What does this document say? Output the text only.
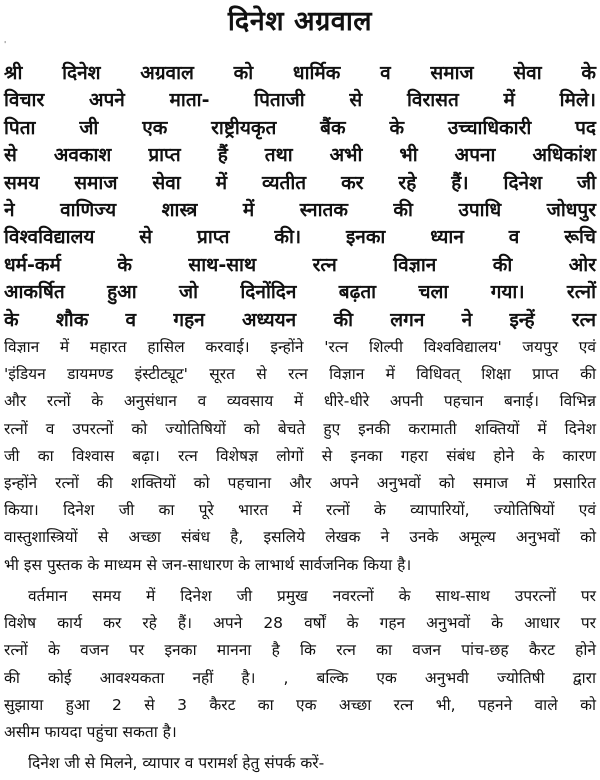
दिनेश अग्रवाल
'
श्री दिनेश अग्रवाल को धार्मिक व समाज सेवा के
विचार अपने माता- पिताजी से विरासत में मिले।
पिता जी एक राष्ट्रीयकृत बैंक के उच्चाधिकारी पद
से अवकाश प्राप्त हैं तथा अभी भी अपना अधिकांश
समय समाज सेवा में व्यतीत कर रहे हैं। दिनेश जी
ने वाणिज्य शास्त्र में स्नातक की उपाधि जोधपुर
विश्वविद्यालय से प्राप्त की। इनका ध्यान व रूचि
धर्म-कर्म के साथ-साथ रत्न विज्ञान की ओर
आकर्षित हुआ जो दिनोंदिन बढ़ता चला गया। रत्नों
के शौक व गहन अध्ययन की लगन ने इन्हें रत्न
विज्ञान में महारत हासिल करवाई। इन्होंने 'रत्न शिल्पी विश्वविद्यालय' जयपुर एवं
'इंडियन डायमण्ड इंस्टीट्यूट' सूरत से रत्न विज्ञान में विधिवत् शिक्षा प्राप्त की
और रत्नों के अनुसंधान व व्यवसाय में धीरे-धीरे अपनी पहचान बनाई। विभिन्न
रत्नों व उपरत्नों को ज्योतिषियों को बेचते हुए इनकी करामाती शक्तियों में दिनेश
जी का विश्वास बढ़ा। रत्न विशेषज्ञ लोगों से इनका गहरा संबंध होने के कारण
इन्होंने रत्नों की शक्तियों को पहचाना और अपने अनुभवों को समाज में प्रसारित
किया। दिनेश जी का पूरे भारत में रत्नों के व्यापारियों, ज्योतिषियों एवं
वास्तुशास्त्रियों से अच्छा संबंध है, इसलिये लेखक ने उनके अमूल्य अनुभवों को
भी इस पुस्तक के माध्यम से जन-साधारण के लाभार्थ सार्वजनिक किया है।
वर्तमान समय में दिनेश जी प्रमुख नवरत्नों के साथ-साथ उपरत्नों पर
विशेष कार्य कर रहे हैं। अपने 28 वर्षों के गहन अनुभवों के आधार पर
रत्नों के वजन पर इनका मानना है कि रत्न का वजन पांच-छह कैरट होने
की कोई आवश्यकता नहीं है। , बल्कि एक अनुभवी ज्योतिषी द्वारा
सुझाया हुआ 2 से 3 कैरट का एक अच्छा रत्न भी, पहनने वाले को
असीम फायदा पहुंचा सकता है।
दिनेश जी से मिलने, व्यापार व परामर्श हेतु संपर्क करें-
